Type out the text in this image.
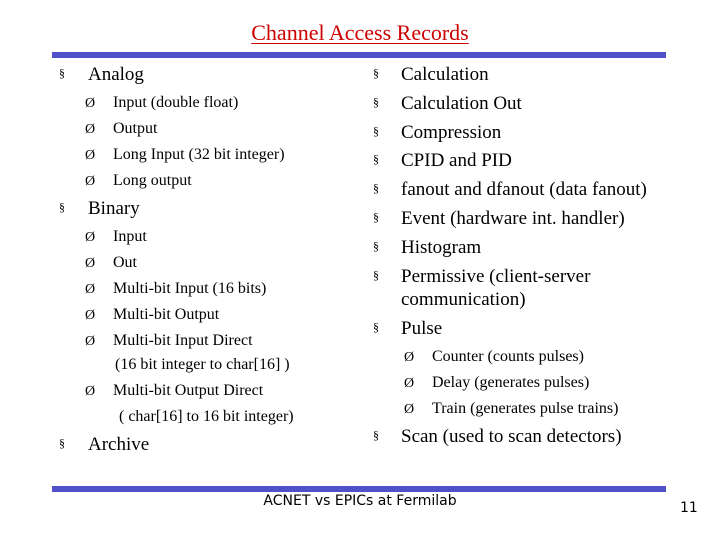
Channel Access Records
§ Analog
Ø Input (double float)
Ø Output
Ø Long Input (32 bit integer)
Ø Long output
§ Binary
Ø Input
Ø Out
Ø Multi-bit Input (16 bits)
Ø Multi-bit Output
Ø Multi-bit Input Direct
(16 bit integer to char[16] )
Ø Multi-bit Output Direct
( char[16] to 16 bit integer)
§ Archive
§ Calculation
§ Calculation Out
§ Compression
§ CPID and PID
§ fanout and dfanout (data fanout)
§ Event (hardware int. handler)
§ Histogram
§ Permissive (client-server
communication)
§ Pulse
Ø Counter (counts pulses)
Ø Delay (generates pulses)
Ø Train (generates pulse trains)
§ Scan (used to scan detectors)
ACNET vs EPICs at Fermilab	11
